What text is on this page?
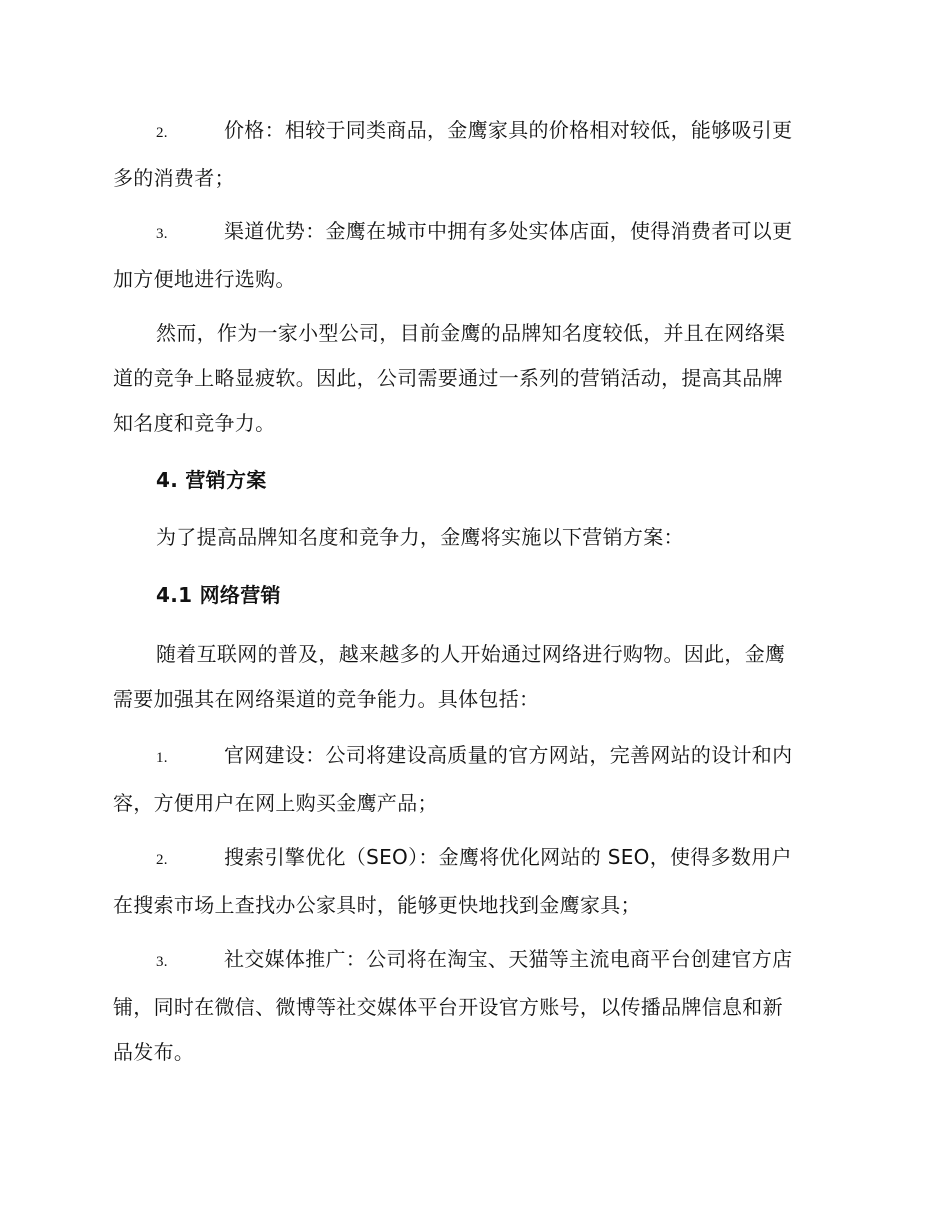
2.	价格：相较于同类商品，金鹰家具的价格相对较低，能够吸引更
多的消费者；
3.	渠道优势：金鹰在城市中拥有多处实体店面，使得消费者可以更
加方便地进行选购。
然而，作为一家小型公司，目前金鹰的品牌知名度较低，并且在网络渠
道的竞争上略显疲软。因此，公司需要通过一系列的营销活动，提高其品牌
知名度和竞争力。
4. 营销方案
为了提高品牌知名度和竞争力，金鹰将实施以下营销方案：
4.1 网络营销
随着互联网的普及，越来越多的人开始通过网络进行购物。因此，金鹰
需要加强其在网络渠道的竞争能力。具体包括：
1.	官网建设：公司将建设高质量的官方网站，完善网站的设计和内
容，方便用户在网上购买金鹰产品；
2.	搜索引擎优化（SEO）：金鹰将优化网站的 SEO，使得多数用户
在搜索市场上查找办公家具时，能够更快地找到金鹰家具；
3.	社交媒体推广：公司将在淘宝、天猫等主流电商平台创建官方店
铺，同时在微信、微博等社交媒体平台开设官方账号，以传播品牌信息和新
品发布。
